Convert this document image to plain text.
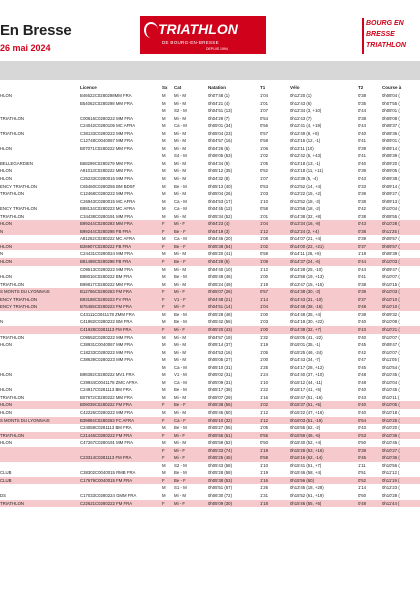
En Bresse
26 mai 2024
TRIATHLON
DE BOURG-EN-BRESSE
DEPUIS 1994
BOURG EN
BRESSE
TRIATHLON
	Licence	Sx	Cat	Natation	T1	Vélo	T2	Course à
HLON	B46622C0280298MM FRA	M	Mi - M	0h07'48 (1)	1'04	0h12'20 (1)	0'38	0h08'04 (
	B54062C0280298 MM FRA	M	Mi - M	0h04'21 (4)	1'01	0h12'43 (6)	0'35	0h07'55 (
		M	S2 - M	0h04'51 (13)	1'07	0h12'34 (3, +10)	0'44	0h08'01 (
TRIATHLON	C00616C0280222 MM FRA	M	Mi - M	0h04'29 (7)	0'54	0h12'43 (7)	0'38	0h09'08 (
	C24042C0280105 MC AFRA	M	Ca - M	0h05'01 (34)	0'56	0h12'41 (4, +19)	0'44	0h08'37 (
TRIATHLON	C38133C0280222 MM FRA	M	Mi - M	0h05'04 (23)	0'57	0h12'49 (8, +8)	0'40	0h08'36 (
	C12748C0040067 MM FRA	M	Mi - M	0h04'57 (16)	0'58	0h13'16 (12, -1)	0'41	0h09'01 (
HLON	B07071C0280222 MM FRA	M	Mi - M	0h04'26 (6)	1'06	0h13'11 (10)	0'39	0h09'14 (
		M	S4 - M	0h06'05 (63)	1'02	0h12'42 (5, +43)	0'41	0h08'39 (
BELLEGARDIEN	B68299C0280279 MM FRA	M	Mi - M	0h04'34 (9)	1'05	0h13'18 (13, -1)	0'40	0h09'20 (
HLON	A91013C0280222 MM FRA	M	Mi - M	0h05'12 (35)	0'52	0h13'18 (11, +11)	0'39	0h09'05 (
HLON	C25233C0280015 MM FRA	M	Mi - M	0h04'32 (8)	1'07	0h13'39 (5, -4)	0'43	0h09'38 (
ENCY TRIATHLON	C65460C0280255 BM BDSF	M	Be - M	0h05'13 (40)	0'53	0h13'52 (14, +4)	0'33	0h09'14 (
TRIATHLON	C12468C0280222 MM FRA	M	Mi - M	0h05'04 (26)	1'03	0h13'22 (15, +2)	0'39	0h09'27 (
	C26943C0280015 MC AFRA	M	Ca - M	0h04'53 (17)	1'10	0h13'52 (18, -3)	0'38	0h09'13 (
ENCY TRIATHLON	B98134C0280223 MC AFRA	M	Ca - M	0h04'45 (12)	0'58	0h13'58 (18, -2)	0'42	0h10'04 (
TRIATHLON	C34438C0280191 MM FRA	M	Mi - M	0h05'34 (52)	1'01	0h14'38 (32, +8)	0'38	0h08'55 (
HLON	B99244C0280293 MM FRA	F	Mi - F	0h04'23 (4)	1'04	0h13'34 (16, -8)	0'43	0h10'28 (
N	B99244C0280298 FB FRA	F	Be - F	0h04'19 (3)	1'12	0h12'24 (2, +4)	0'38	0h11'25 (
	A81262C0280222 MC AFRA	M	Ca - M	0h04'46 (20)	1'08	0h14'07 (21, +4)	0'39	0h09'57 (
HLON	B26907C0280222 FB FRA	F	Be - F	0h05'38 (54)	1'02	0h14'00 (22, +21)	0'37	0h09'57 (
N	C24431C0280024 MM FRA	M	Mi - M	0h05'20 (41)	0'59	0h14'11 (26, +8)	1'18	0h08'39 (
HLON	B81498C0280298 FB FRA	F	Be - F	0h04'28 (5)	1'09	0h14'37 (24, -6)	0'44	0h10'03 (
	C09513C0280222 MM FRA	M	Mi - M	0h04'40 (10)	1'12	0h14'28 (25, -10)	0'44	0h09'47 (
HLON	B88016C0280222 BM FRA	M	Be - M	0h05'49 (46)	1'00	0h13'58 (19, +13)	0'41	0h10'07 (
TRIATHLON	B99817C0280222 MM FRA	M	Mi - M	0h05'24 (49)	1'19	0h13'47 (15, +15)	0'38	0h10'15 (
S MONTS DU LYONNAIS	B12766C0280263 FM FRA	F	Mi - F	0h05'07 (26)	0'57	0h14'38 (30, -3)	0'39	0h10'03 (
ENCY TRIATHLON	B93188C0280223 FV FRA	F	V1 - F	0h04'48 (21)	1'14	0h14'43 (31, -10)	0'37	0h10'10 (
ENCY TRIATHLON	B76455C0280223 FM FRA	F	Mi - F	0h04'51 (14)	1'04	0h14'48 (38, -16)	0'48	0h10'10 (
	C43111C0041178 ZMM FRA	M	Be - M	0h05'28 (48)	1'00	0h14'48 (35, +4)	0'38	0h09'32 (
N	C41982C0280222 BM FRA	M	Be - M	0h05'42 (56)	1'03	0h14'18 (30, +22)	0'40	0h10'09 (
	C41928C0281113 FM FRA	F	Mi - F	0h05'20 (43)	1'00	0h14'38 (32, +7)	0'43	0h10'21 (
TRIATHLON	C09552C0280222 MM FRA	M	Mi - M	0h04'57 (19)	1'32	0h15'05 (41, -22)	0'40	0h10'07 (
HLON	C38931C0040067 MM FRA	M	Mi - M	0h05'14 (37)	1'19	0h15'01 (35, -1)	0'45	0h09'47 (
	C18233C0280222 MM FRA	M	Mi - M	0h04'53 (16)	1'05	0h15'25 (46, -24)	0'42	0h10'07 (
	C38639C0280223 MM FRA	M	Mi - M	0h05'05 (27)	1'00	0h14'43 (34, -7)	0'47	0h11'05 (
		M	Ca - M	0h05'10 (31)	1'25	0h14'17 (28, +12)	0'45	0h10'54 (
HLON	B98392C0280222 MV1 FRA	M	V1 - M	0h05'02 (31)	1'24	0h14'40 (37, +10)	0'48	0h10'45 (
	C29934C0041178 ZMC AFRA	M	Ca - M	0h05'09 (31)	1'10	0h15'12 (44, -11)	0'48	0h10'04 (
HLON	C24917C0281113 BM FRA	M	Be - M	0h05'17 (38)	1'22	0h15'17 (41, +5)	0'40	0h10'45 (
TRIATHLON	B07972C0280222 MM FRA	M	Mi - M	0h05'07 (29)	1'16	0h15'47 (51, -16)	0'43	0h10'11 (
HLON	B09039C0280222 FM FRA	F	Be - F	0h05'38 (56)	1'02	0h15'37 (51, +5)	0'40	0h10'05 (
HLON	C42226C0280222 MM FRA	M	Mi - M	0h05'46 (60)	1'12	0h15'22 (47, +16)	0'40	0h10'18 (
S MONTS DU LYONNAIS	B39894C0280263 FC AFRA	F	Ca - F	0h05'10 (32)	1'12	0h16'03 (51, -19)	0'54	0h10'25 (
	C24058C0281113 BM FRA	M	Be - M	0h05'27 (55)	1'05	0h15'55 (62, -2)	0'43	0h10'20 (
TRIATHLON	C21446C0280222 FM FRA	F	Mi - F	0h05'55 (61)	0'55	0h15'59 (46, -6)	0'53	0h10'36 (
HLON	C47267C0280191 MM FRA	M	Mi - M	0h05'59 (62)	0'50	0h15'40 (52, +4)	0'50	0h10'46 (
		F	Mi - F	0h05'33 (74)	1'19	0h15'28 (53, +16)	0'38	0h10'27 (
	C23314C0281113 FM FRA	F	Mi - F	0h05'25 (45)	0'58	0h16'16 (62, -14)	0'46	0h10'36 (
		M	S2 - M	0h05'43 (58)	1'10	0h15'41 (51, +7)	1'11	0h10'56 (
CLUB	C38302C0040015 RMB FRA	M	Be - M	0h05'28 (58)	1'19	0h15'46 (58, +4)	0'51	0h11'12 (
CLUB	C17679C0040015 FM FRA	F	Be - F	0h05'38 (53)	1'16	0h15'56 (60)	0'52	0h11'19 (
		M	S1 - M	0h05'51 (67)	1'26	0h13'45 (18, +28)	1'14	0h12'23 (
DS	C17033C0280224 GMM FRA	M	Mi - M	0h06'30 (72)	1'31	0h15'52 (61, +19)	0'50	0h10'28 (
TRIATHLON	C22621C0280222 FM FRA	F	Mi - F	0h05'09 (30)	1'18	0h15'46 (55, +5)	0'48	0h11'44 (
